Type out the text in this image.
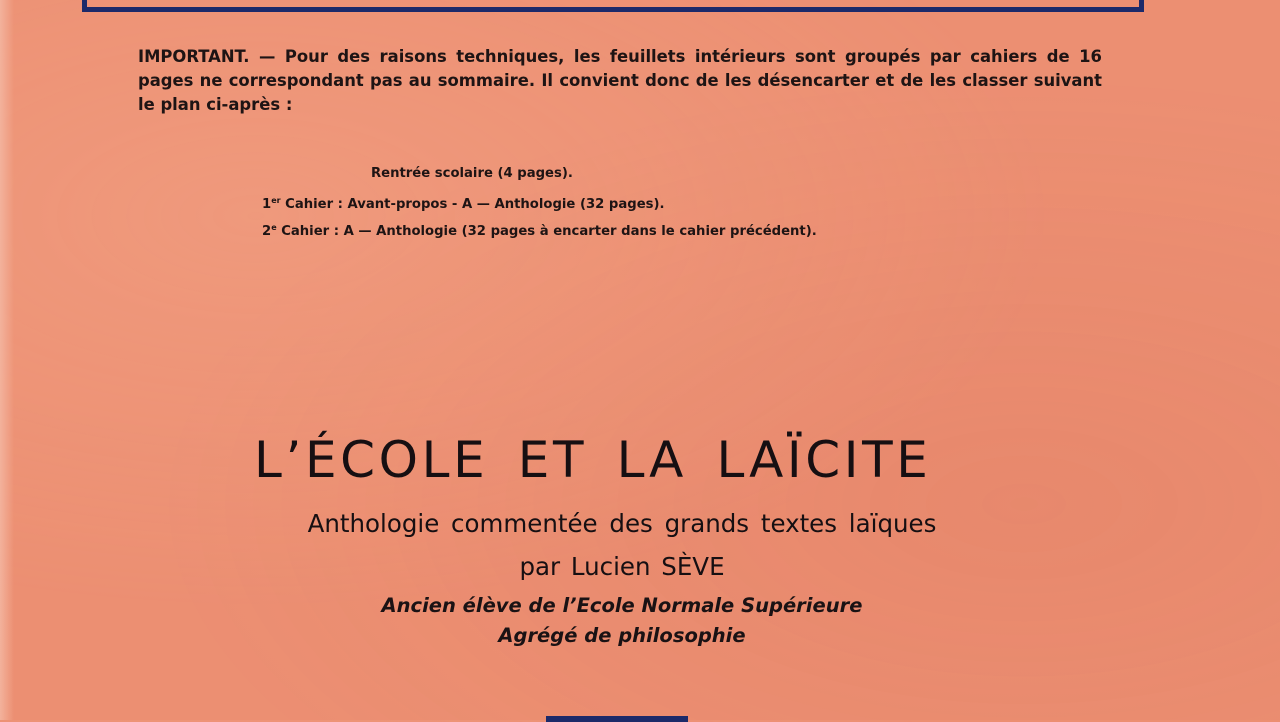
IMPORTANT. — Pour des raisons techniques, les feuillets intérieurs sont groupés par cahiers de 16 pages ne correspondant pas au sommaire. Il convient donc de les désencarter et de les classer suivant le plan ci-après :

Rentrée scolaire (4 pages).
1er Cahier : Avant-propos - A — Anthologie (32 pages).
2e Cahier : A — Anthologie (32 pages à encarter dans le cahier précédent).
L’ÉCOLE ET LA LAÏCITE
Anthologie commentée des grands textes laïques
par Lucien SÈVE
Ancien élève de l’Ecole Normale Supérieure
Agrégé de philosophie
